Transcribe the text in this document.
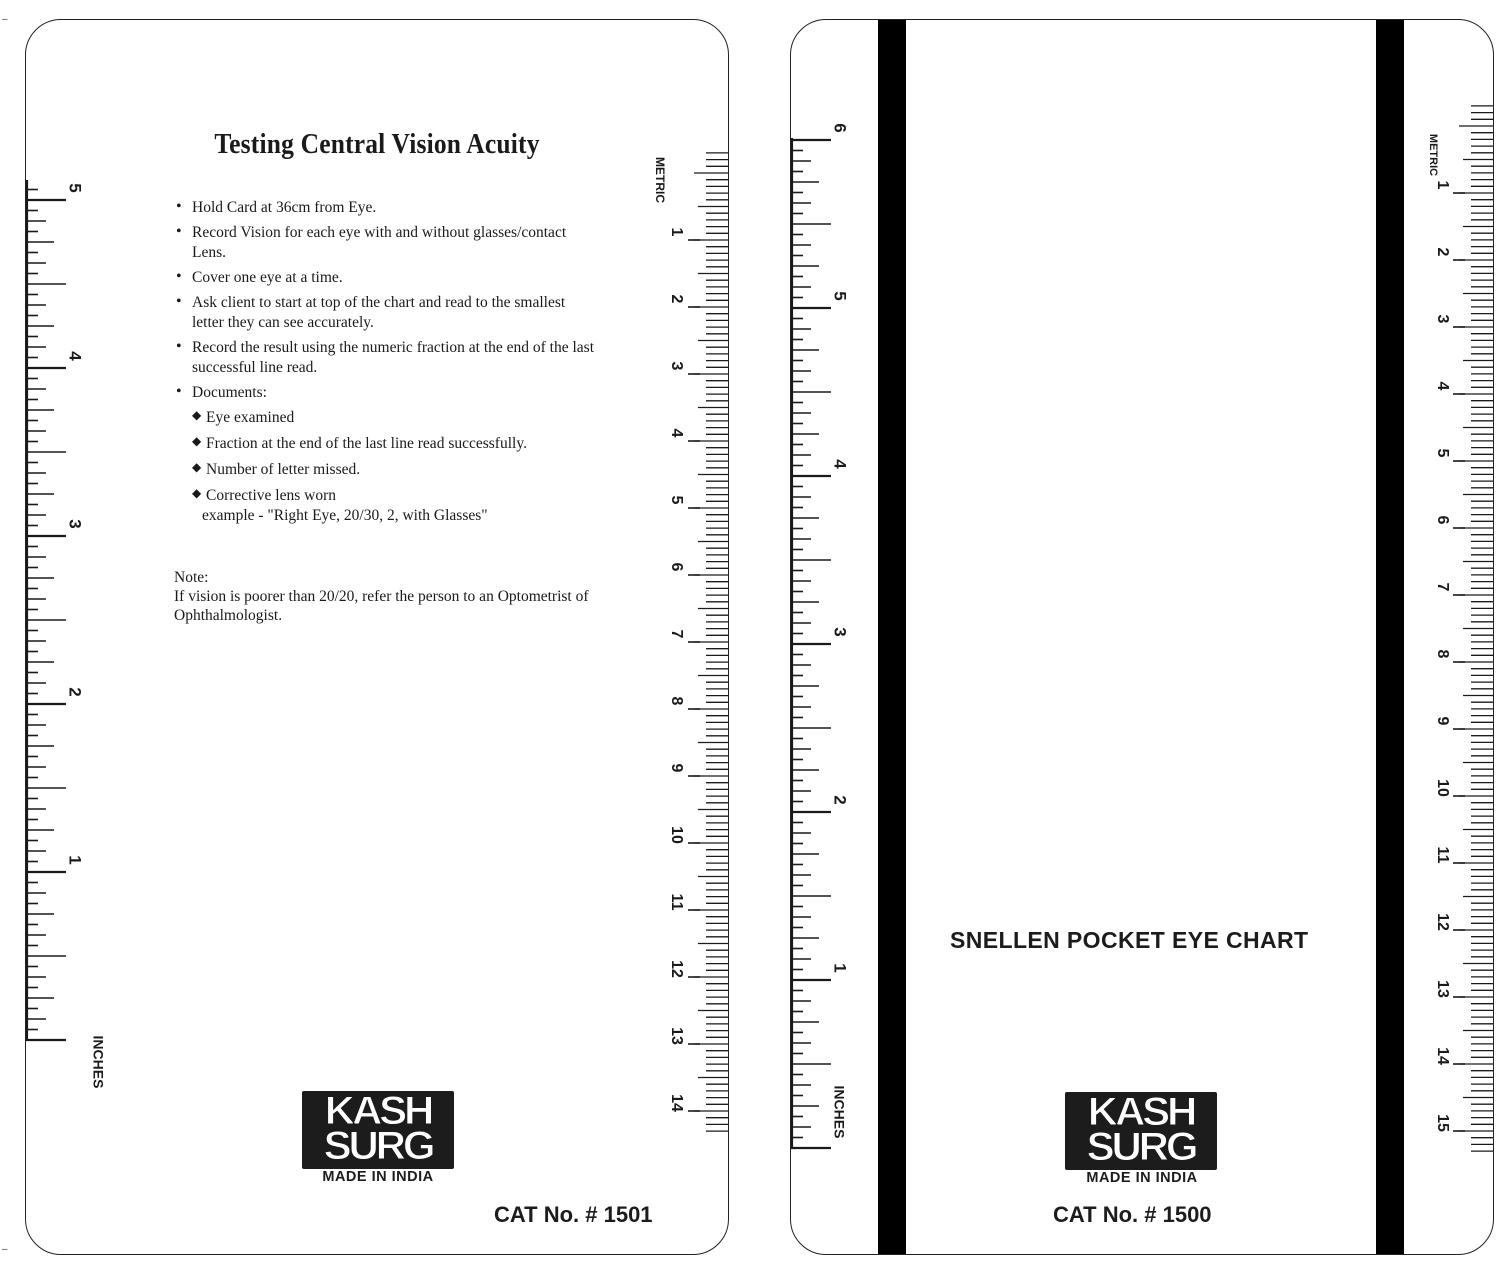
1
2
3
4
5
INCHES
1
2
3
4
5
6
7
8
9
10
11
12
13
14
METRIC
Testing Central Vision Acuity
• Hold Card at 36cm from Eye.
• Record Vision for each eye with and without glasses/contact Lens.
• Cover one eye at a time.
• Ask client to start at top of the chart and read to the smallest letter they can see accurately.
• Record the result using the numeric fraction at the end of the last successful line read.
• Documents:
◆ Eye examined
◆ Fraction at the end of the last line read successfully.
◆ Number of letter missed.
◆ Corrective lens worn
example - "Right Eye, 20/30, 2, with Glasses"
Note:
If vision is poorer than 20/20, refer the person to an Optometrist of Ophthalmologist.
KASH
SURG
MADE IN INDIA
CAT No. # 1501
1
2
3
4
5
6
INCHES
1
2
3
4
5
6
7
8
9
10
11
12
13
14
15
METRIC
SNELLEN POCKET EYE CHART
KASH
SURG
MADE IN INDIA
CAT No. # 1500
–
–
